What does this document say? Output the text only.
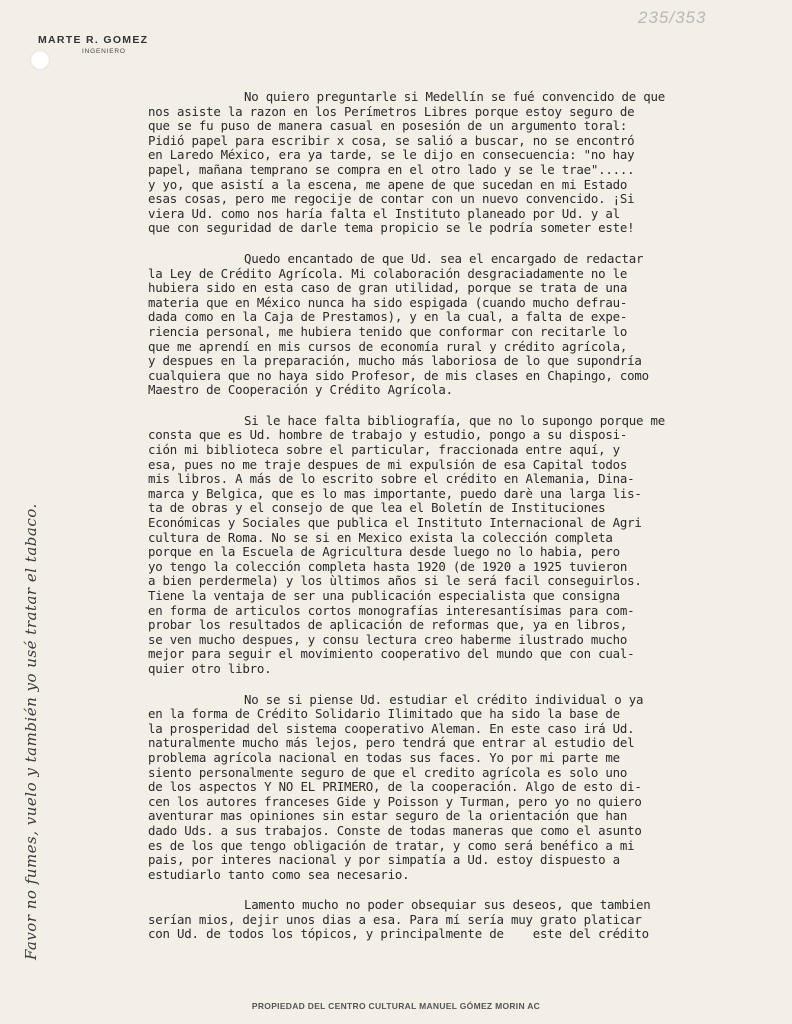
MARTE R. GOMEZ
INGENIERO
235/353
No quiero preguntarle si Medellín se fué convencido de que
nos asiste la razon en los Perímetros Libres porque estoy seguro de
que se fu puso de manera casual en posesión de un argumento toral:
Pidió papel para escribir x cosa, se salió a buscar, no se encontró
en Laredo México, era ya tarde, se le dijo en consecuencia: "no hay
papel, mañana temprano se compra en el otro lado y se le trae".....
y yo, que asistí a la escena, me apene de que sucedan en mi Estado
esas cosas, pero me regocije de contar con un nuevo convencido. ¡Si
viera Ud. como nos haría falta el Instituto planeado por Ud. y al
que con seguridad de darle tema propicio se le podría someter este!
Quedo encantado de que Ud. sea el encargado de redactar
la Ley de Crédito Agrícola. Mi colaboración desgraciadamente no le
hubiera sido en esta caso de gran utilidad, porque se trata de una
materia que en México nunca ha sido espigada (cuando mucho defrau-
dada como en la Caja de Prestamos), y en la cual, a falta de expe-
riencia personal, me hubiera tenido que conformar con recitarle lo
que me aprendí en mis cursos de economía rural y crédito agrícola,
y despues en la preparación, mucho más laboriosa de lo que supondría
cualquiera que no haya sido Profesor, de mis clases en Chapingo, como
Maestro de Cooperación y Crédito Agrícola.
Si le hace falta bibliografía, que no lo supongo porque me
consta que es Ud. hombre de trabajo y estudio, pongo a su disposi-
ción mi biblioteca sobre el particular, fraccionada entre aquí, y
esa, pues no me traje despues de mi expulsión de esa Capital todos
mis libros. A más de lo escrito sobre el crédito en Alemania, Dina-
marca y Belgica, que es lo mas importante, puedo darè una larga lis-
ta de obras y el consejo de que lea el Boletín de Instituciones
Económicas y Sociales que publica el Instituto Internacional de Agri
cultura de Roma. No se si en Mexico exista la colección completa
porque en la Escuela de Agricultura desde luego no lo habia, pero
yo tengo la colección completa hasta 1920 (de 1920 a 1925 tuvieron
a bien perdermela) y los ùltimos años si le será facil conseguirlos.
Tiene la ventaja de ser una publicación especialista que consigna
en forma de articulos cortos monografías interesantísimas para com-
probar los resultados de aplicación de reformas que, ya en libros,
se ven mucho despues, y consu lectura creo haberme ilustrado mucho
mejor para seguir el movimiento cooperativo del mundo que con cual-
quier otro libro.
No se si piense Ud. estudiar el crédito individual o ya
en la forma de Crédito Solidario Ilimitado que ha sido la base de
la prosperidad del sistema cooperativo Aleman. En este caso irá Ud.
naturalmente mucho más lejos, pero tendrá que entrar al estudio del
problema agrícola nacional en todas sus faces. Yo por mi parte me
siento personalmente seguro de que el credito agrícola es solo uno
de los aspectos Y NO EL PRIMERO, de la cooperación. Algo de esto di-
cen los autores franceses Gide y Poisson y Turman, pero yo no quiero
aventurar mas opiniones sin estar seguro de la orientación que han
dado Uds. a sus trabajos. Conste de todas maneras que como el asunto
es de los que tengo obligación de tratar, y como será benéfico a mi
pais, por interes nacional y por simpatía a Ud. estoy dispuesto a
estudiarlo tanto como sea necesario.
Lamento mucho no poder obsequiar sus deseos, que tambien
serían mios, dejir unos dias a esa. Para mí sería muy grato platicar
con Ud. de todos los tópicos, y principalmente de    este del crédito
Favor no fumes, vuelo y también yo usé tratar el tabaco.
PROPIEDAD DEL CENTRO CULTURAL MANUEL GÓMEZ MORIN AC
